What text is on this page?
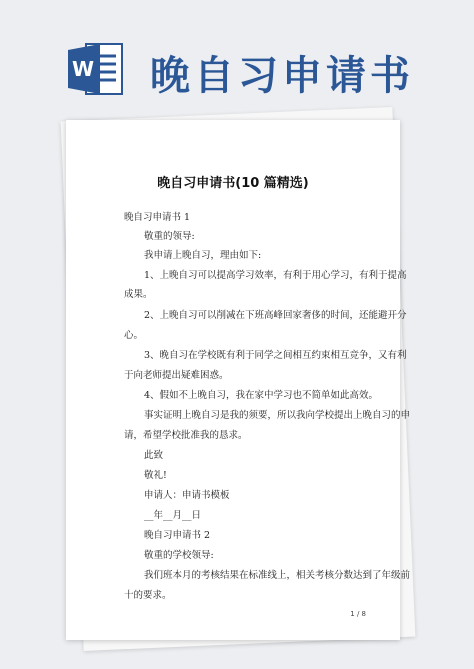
W 晚自习申请书
晚自习申请书(10 篇精选)
晚自习申请书 1
敬重的领导:
我申请上晚自习，理由如下:
1、上晚自习可以提高学习效率，有利于用心学习，有利于提高
成果。
2、上晚自习可以削减在下班高峰回家奢侈的时间，还能避开分
心。
3、晚自习在学校既有利于同学之间相互约束相互竞争，又有利
于向老师提出疑难困惑。
4、假如不上晚自习，我在家中学习也不简单如此高效。
事实证明上晚自习是我的须要，所以我向学校提出上晚自习的申
请，希望学校批准我的恳求。
此致
敬礼!
申请人：申请书模板
__年__月__日
晚自习申请书 2
敬重的学校领导:
我们班本月的考核结果在标准线上，相关考核分数达到了年级前
十的要求。
1 / 8
